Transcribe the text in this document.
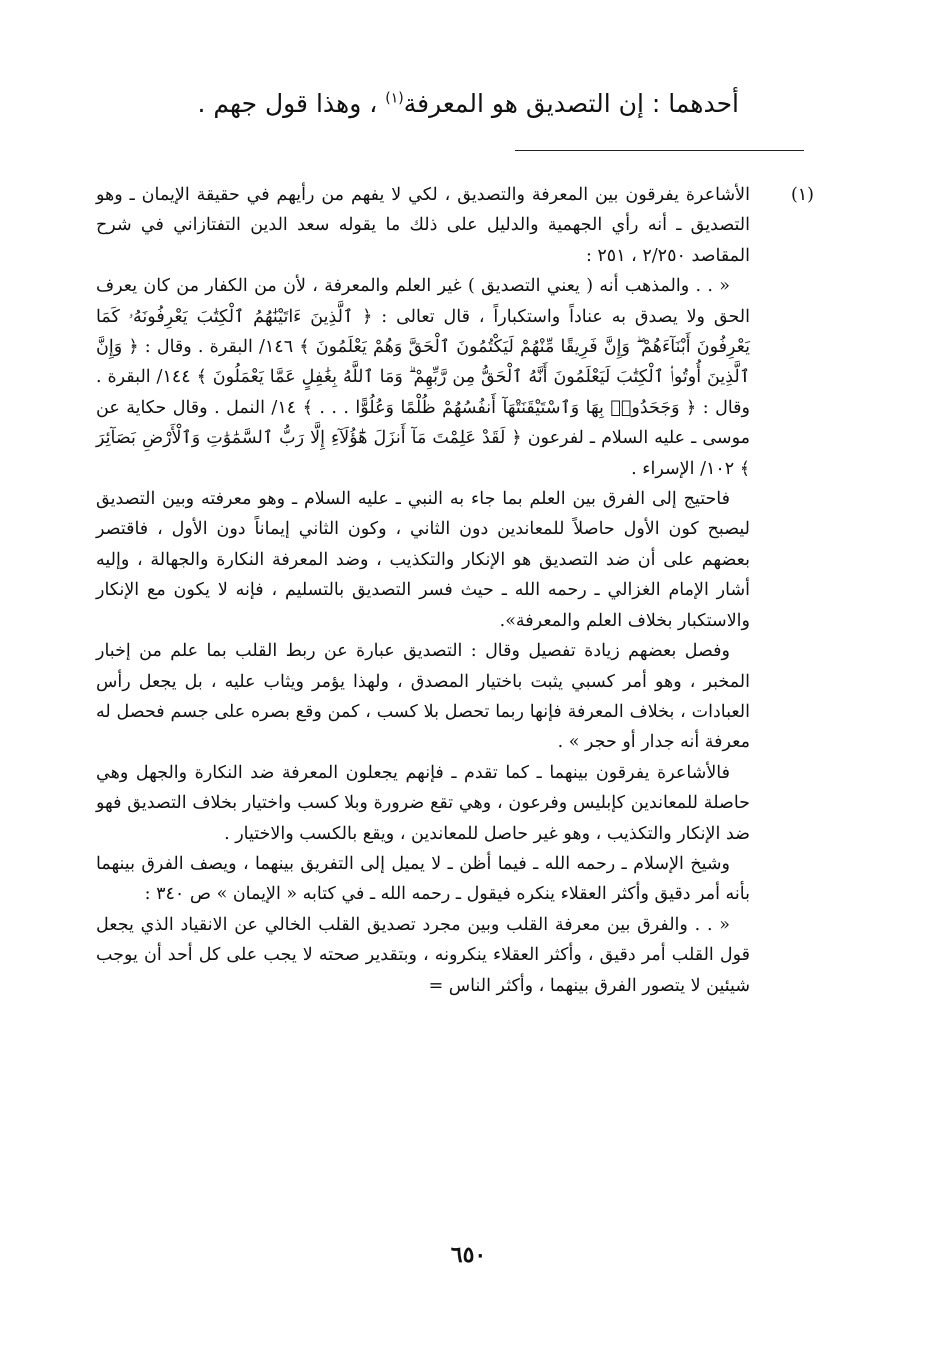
أحدهما : إن التصديق هو المعرفة$^{(١)}$ ، وهذا قول جهم .
(١)

الأشاعرة يفرقون بين المعرفة والتصديق ، لكي لا يفهم من رأيهم في حقيقة الإيمان ـ وهو التصديق ـ أنه رأي الجهمية والدليل على ذلك ما يقوله سعد الدين التفتازاني في شرح المقاصد ٢/٢٥٠ ، ٢٥١ :

« . . والمذهب أنه ( يعني التصديق ) غير العلم والمعرفة ، لأن من الكفار من كان يعرف الحق ولا يصدق به عناداً واستكباراً ، قال تعالى : ﴿ ٱلَّذِينَ ءَاتَيْنَٰهُمُ ٱلْكِتَٰبَ يَعْرِفُونَهُۥ كَمَا يَعْرِفُونَ أَبْنَآءَهُمْ ۖ وَإِنَّ فَرِيقًا مِّنْهُمْ لَيَكْتُمُونَ ٱلْحَقَّ وَهُمْ يَعْلَمُونَ ﴾ ١٤٦/ البقرة . وقال : ﴿ وَإِنَّ ٱلَّذِينَ أُوتُوا۟ ٱلْكِتَٰبَ لَيَعْلَمُونَ أَنَّهُ ٱلْحَقُّ مِن رَّبِّهِمْ ۗ وَمَا ٱللَّهُ بِغَٰفِلٍ عَمَّا يَعْمَلُونَ ﴾ ١٤٤/ البقرة . وقال : ﴿ وَجَحَدُوا۟ بِهَا وَٱسْتَيْقَنَتْهَآ أَنفُسُهُمْ ظُلْمًا وَعُلُوًّا . . . ﴾ ١٤/ النمل . وقال حكاية عن موسى ـ عليه السلام ـ لفرعون ﴿ لَقَدْ عَلِمْتَ مَآ أَنزَلَ هَٰٓؤُلَآءِ إِلَّا رَبُّ ٱلسَّمَٰوَٰتِ وَٱلْأَرْضِ بَصَآئِرَ ﴾ ١٠٢/ الإسراء .

فاحتيج إلى الفرق بين العلم بما جاء به النبي ـ عليه السلام ـ وهو معرفته وبين التصديق ليصبح كون الأول حاصلاً للمعاندين دون الثاني ، وكون الثاني إيماناً دون الأول ، فاقتصر بعضهم على أن ضد التصديق هو الإنكار والتكذيب ، وضد المعرفة النكارة والجهالة ، وإليه أشار الإمام الغزالي ـ رحمه الله ـ حيث فسر التصديق بالتسليم ، فإنه لا يكون مع الإنكار والاستكبار بخلاف العلم والمعرفة».

وفصل بعضهم زيادة تفصيل وقال : التصديق عبارة عن ربط القلب بما علم من إخبار المخبر ، وهو أمر كسبي يثبت باختيار المصدق ، ولهذا يؤمر ويثاب عليه ، بل يجعل رأس العبادات ، بخلاف المعرفة فإنها ربما تحصل بلا كسب ، كمن وقع بصره على جسم فحصل له معرفة أنه جدار أو حجر » .

فالأشاعرة يفرقون بينهما ـ كما تقدم ـ فإنهم يجعلون المعرفة ضد النكارة والجهل وهي حاصلة للمعاندين كإبليس وفرعون ، وهي تقع ضرورة وبلا كسب واختيار بخلاف التصديق فهو ضد الإنكار والتكذيب ، وهو غير حاصل للمعاندين ، ويقع بالكسب والاختيار .

وشيخ الإسلام ـ رحمه الله ـ فيما أظن ـ لا يميل إلى التفريق بينهما ، ويصف الفرق بينهما بأنه أمر دقيق وأكثر العقلاء ينكره فيقول ـ رحمه الله ـ في كتابه « الإيمان » ص ٣٤٠ :

« . . والفرق بين معرفة القلب وبين مجرد تصديق القلب الخالي عن الانقياد الذي يجعل قول القلب أمر دقيق ، وأكثر العقلاء ينكرونه ، وبتقدير صحته لا يجب على كل أحد أن يوجب شيئين لا يتصور الفرق بينهما ، وأكثر الناس =

٦٥٠
